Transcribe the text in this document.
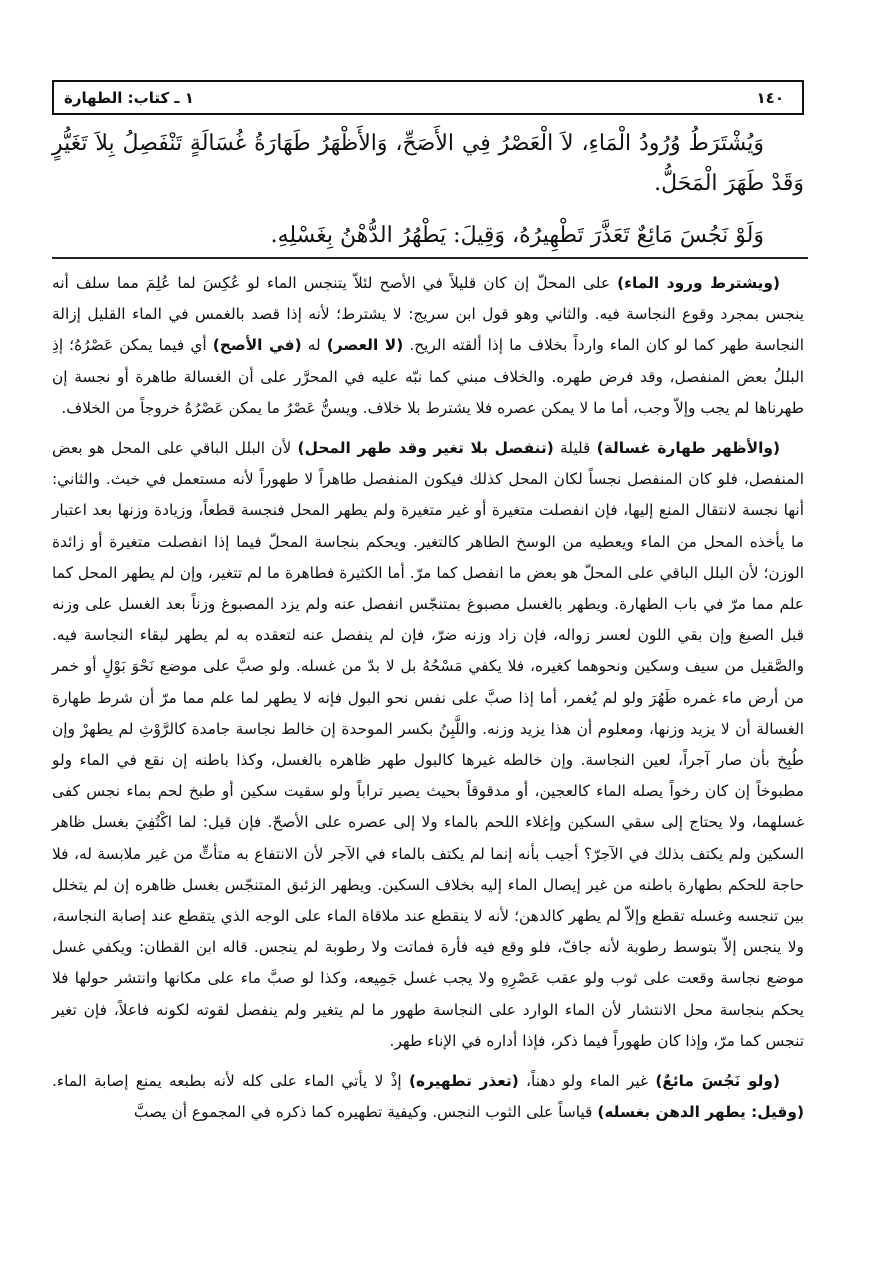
١٤٠
١ ـ كتاب: الطهارة

وَيُشْتَرَطُ وُرُودُ الْمَاءِ، لاَ الْعَصْرُ فِي الأَصَحِّ، وَالأَظْهَرُ طَهَارَةُ غُسَالَةٍ تَنْفَصِلُ بِلاَ تَغَيُّرٍ وَقَدْ طَهَرَ الْمَحَلُّ.

وَلَوْ نَجُسَ مَائِعٌ تَعَذَّرَ تَطْهِيرُهُ، وَقِيلَ: يَطْهُرُ الدُّهْنُ بِغَسْلِهِ.

(ويشترط ورود الماء) على المحلّ إن كان قليلاً في الأصح لئلاّ يتنجس الماء لو عُكِسَ لما عُلِمَ مما سلف أنه ينجس بمجرد وقوع النجاسة فيه. والثاني وهو قول ابن سريج: لا يشترط؛ لأنه إذا قصد بالغمس في الماء القليل إزالة النجاسة طهر كما لو كان الماء وارداً بخلاف ما إذا ألقته الريح. (لا العصر) له (في الأصح) أي فيما يمكن عَصْرُهُ؛ إذِ البللُ بعض المنفصل، وقد فرض طهره. والخلاف مبني كما نبّه عليه في المحرَّر على أن الغسالة طاهرة أو نجسة إن طهرناها لم يجب وإلاّ وجب، أما ما لا يمكن عصره فلا يشترط بلا خلاف. ويسنُّ عَصْرُ ما يمكن عَصْرُهُ خروجاً من الخلاف.

(والأظهر طهارة غسالة) قليلة (تنفصل بلا تغير وقد طهر المحل) لأن البلل الباقي على المحل هو بعض المنفصل، فلو كان المنفصل نجساً لكان المحل كذلك فيكون المنفصل طاهراً لا طهوراً لأنه مستعمل في خبث. والثاني: أنها نجسة لانتقال المنع إليها، فإن انفصلت متغيرة أو غير متغيرة ولم يطهر المحل فنجسة قطعاً، وزيادة وزنها بعد اعتبار ما يأخذه المحل من الماء ويعطيه من الوسخ الطاهر كالتغير. ويحكم بنجاسة المحلّ فيما إذا انفصلت متغيرة أو زائدة الوزن؛ لأن البلل الباقي على المحلّ هو بعض ما انفصل كما مرّ. أما الكثيرة فطاهرة ما لم تتغير، وإن لم يطهر المحل كما علم مما مرّ في باب الطهارة. ويطهر بالغسل مصبوغ بمتنجّس انفصل عنه ولم يزد المصبوغ وزناً بعد الغسل على وزنه قبل الصبغ وإن بقي اللون لعسر زواله، فإن زاد وزنه ضرّ، فإن لم ينفصل عنه لتعقده به لم يطهر لبقاء النجاسة فيه. والصَّقيل من سيف وسكين ونحوهما كغيره، فلا يكفي مَسْحُهُ بل لا بدّ من غسله. ولو صبَّ على موضع نَحْوَ بَوْلٍ أو خمر من أرض ماء غمره طَهُرَ ولو لم يُغمر، أما إذا صبَّ على نفس نحو البول فإنه لا يطهر لما علم مما مرّ أن شرط طهارة الغسالة أن لا يزيد وزنها، ومعلوم أن هذا يزيد وزنه. واللَّبِنُ بكسر الموحدة إن خالط نجاسة جامدة كالرَّوْثِ لم يطهرْ وإن طُبِخ بأن صار آجراً، لعين النجاسة. وإن خالطه غيرها كالبول طهر ظاهره بالغسل، وكذا باطنه إن نقع في الماء ولو مطبوخاً إن كان رخواً يصله الماء كالعجين، أو مدقوقاً بحيث يصير تراباً ولو سقيت سكين أو طبخ لحم بماء نجس كفى غسلهما، ولا يحتاج إلى سقي السكين وإغلاء اللحم بالماء ولا إلى عصره على الأصحّ. فإن قيل: لما اكْتُفِيَ بغسل ظاهر السكين ولم يكتف بذلك في الآجرّ؟ أجيب بأنه إنما لم يكتف بالماء في الآجر لأن الانتفاع به متأتٍّ من غير ملابسة له، فلا حاجة للحكم بطهارة باطنه من غير إيصال الماء إليه بخلاف السكين. ويطهر الزئبق المتنجّس بغسل ظاهره إن لم يتخلل بين تنجسه وغسله تقطع وإلاّ لم يطهر كالدهن؛ لأنه لا ينقطع عند ملاقاة الماء على الوجه الذي يتقطع عند إصابة النجاسة، ولا ينجس إلاّ بتوسط رطوبة لأنه جافّ، فلو وقع فيه فأرة فماتت ولا رطوبة لم ينجس. قاله ابن القطان: ويكفي غسل موضع نجاسة وقعت على ثوب ولو عقب عَصْرِهِ ولا يجب غسل جَمِيعه، وكذا لو صبَّ ماء على مكانها وانتشر حولها فلا يحكم بنجاسة محل الانتشار لأن الماء الوارد على النجاسة طهور ما لم يتغير ولم ينفصل لقوته لكونه فاعلاً، فإن تغير تنجس كما مرّ، وإذا كان طهوراً فيما ذكر، فإذا أداره في الإناء طهر.

(ولو نَجُسَ مائعٌ) غير الماء ولو دهناً، (تعذر تطهيره) إذْ لا يأتي الماء على كله لأنه بطبعه يمنع إصابة الماء. (وقيل: يطهر الدهن بغسله) قياساً على الثوب النجس. وكيفية تطهيره كما ذكره في المجموع أن يصبَّ
